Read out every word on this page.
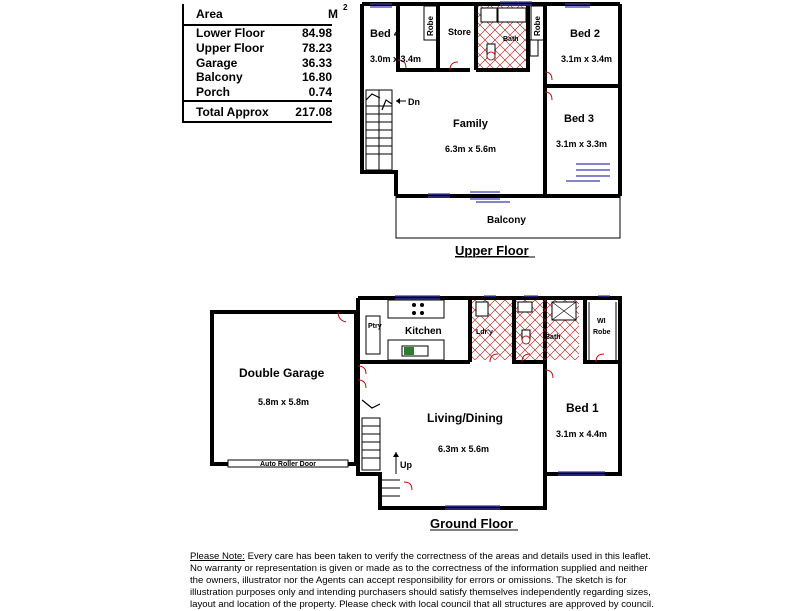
Area	M 2
Lower Floor	84.98
Upper Floor	78.23
Garage	36.33
Balcony	16.80
Porch	0.74
Total Approx 217.08
Bed 4
3.0m x 3.4m
Robe Store
Bath
Robe	Bed 2
3.1m x 3.4m
Family
6.3m x 5.6m
Bed 3
3.1m x 3.3m
Balcony
Dn
Upper Floor
Double Garage
5.8m x 5.8m
Auto Roller Door
Ptry Kitchen	Ldr'y
Bath
WI
Robe
Living/Dining
6.3m x 5.6m
Bed 1
3.1m x 4.4m
Up
Ground Floor
Please Note: Every care has been taken to verify the correctness of the areas and details used in this leaflet.
No warranty or representation is given or made as to the correctness of the information supplied and neither
the owners, illustrator nor the Agents can accept responsibility for errors or omissions. The sketch is for
illustration purposes only and intending purchasers should satisfy themselves independently regarding sizes,
layout and location of the property. Please check with local council that all structures are approved by council.
